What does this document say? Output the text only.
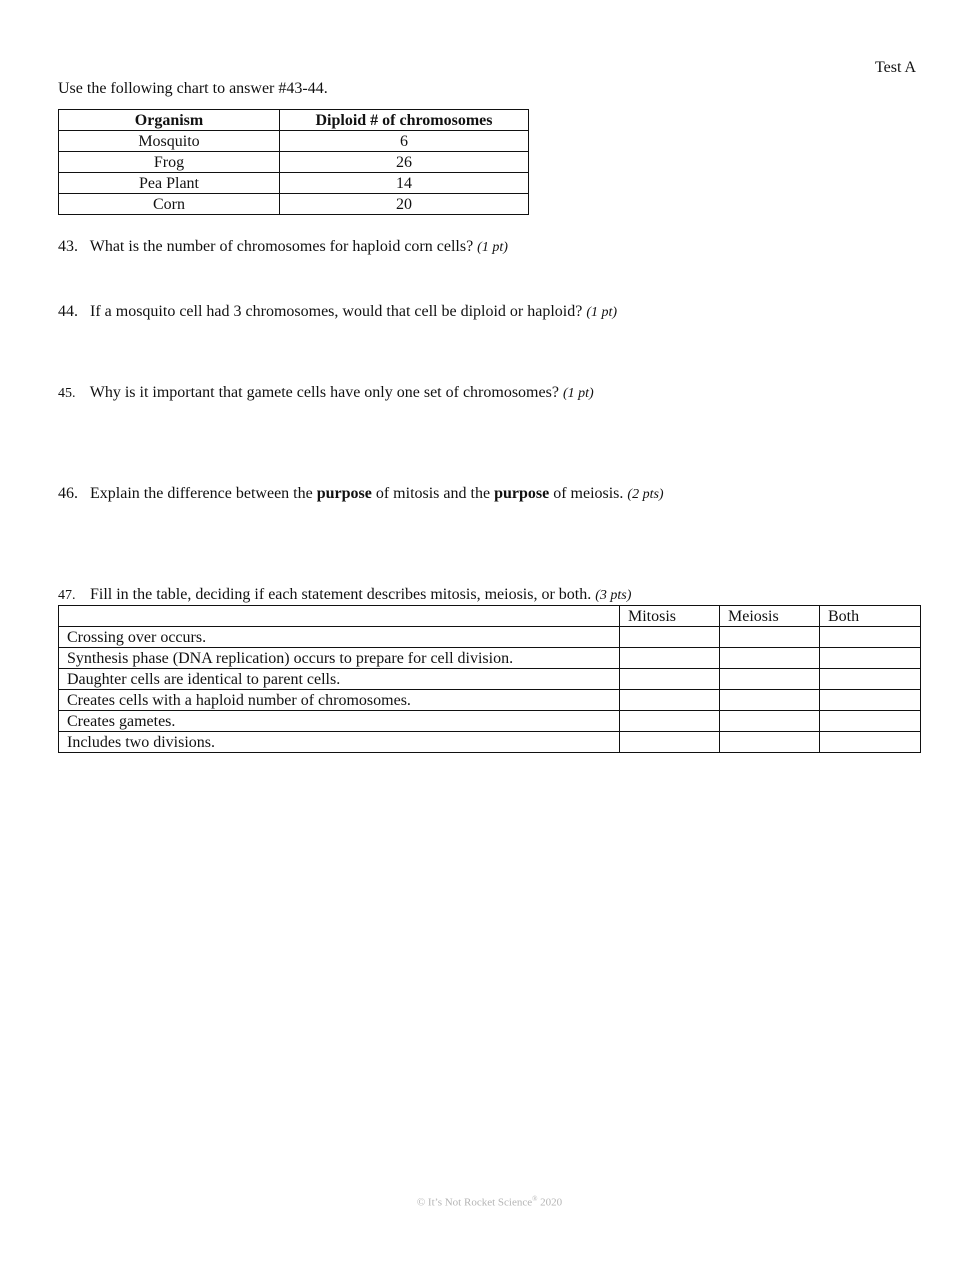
Test A
Use the following chart to answer #43-44.
Organism	Diploid # of chromosomes
Mosquito	6
Frog	26
Pea Plant	14
Corn	20
43. What is the number of chromosomes for haploid corn cells? (1 pt)
44. If a mosquito cell had 3 chromosomes, would that cell be diploid or haploid? (1 pt)
45. Why is it important that gamete cells have only one set of chromosomes? (1 pt)
46. Explain the difference between the purpose of mitosis and the purpose of meiosis. (2 pts)
47. Fill in the table, deciding if each statement describes mitosis, meiosis, or both. (3 pts)
	Mitosis	Meiosis	Both
Crossing over occurs.			
Synthesis phase (DNA replication) occurs to prepare for cell division.			
Daughter cells are identical to parent cells.			
Creates cells with a haploid number of chromosomes.			
Creates gametes.			
Includes two divisions.			
© It’s Not Rocket Science® 2020
